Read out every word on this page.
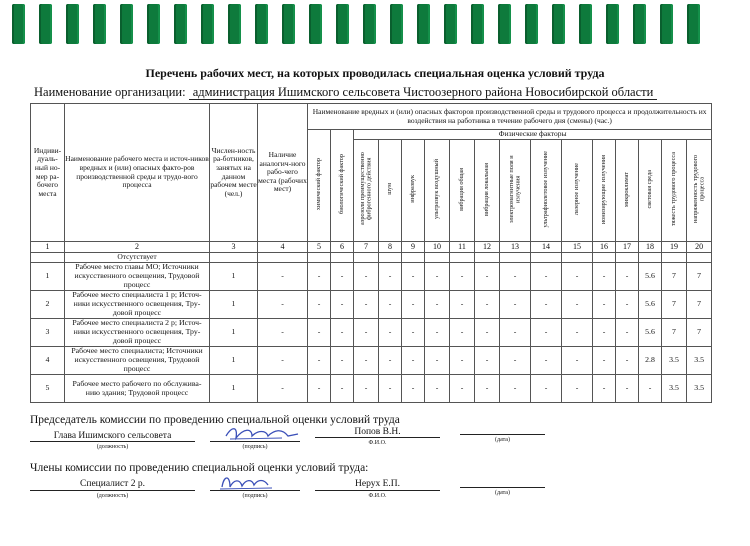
Перечень рабочих мест, на которых проводилась специальная оценка условий труда
Наименование организации: администрация Ишимского сельсовета Чистоозерного района Новосибирской области
Индиви-дуаль-ный но-мер ра-бочего места	Наименование рабочего места и источ-ников вредных и (или) опасных факто-ров производственной среды и трудо-вого процесса	Числен-ность ра-ботников, занятых на данном рабочем месте (чел.)	Наличие аналогич-ного рабо-чего места (рабочих мест)	Наименование вредных и (или) опасных факторов производственной среды и трудового процесса и продолжительность их воздействия на работника в течение рабочего дня (смены) (час.)															
				химический фактор	биологический фактор	Физические факторы													
						аэрозоли преимущественно фиброгенного действия	шум	инфразвук	ультразвук воздушный	вибрация общая	вибрация локальная	электромагнитные поля и излучения	ультрафиолетовое излучение	лазерное излучение	ионизирующие излучения	микроклимат	световая среда	тяжесть трудового процесса	напряженность трудового процесса
1	2	3	4	5	6	7	8	9	10	11	12	13	14	15	16	17	18	19	20
	Отсутствует																		
1	Рабочее место главы МО; Источники искусственного освещения, Трудовой процесс	1	-	-	-	-	-	-	-	-	-	-	-	-	-	-	5.6	7	7
2	Рабочее место специалиста 1 р; Источ-ники искусственного освещения, Тру-довой процесс	1	-	-	-	-	-	-	-	-	-	-	-	-	-	-	5.6	7	7
3	Рабочее место специалиста 2 р; Источ-ники искусственного освещения, Тру-довой процесс	1	-	-	-	-	-	-	-	-	-	-	-	-	-	-	5.6	7	7
4	Рабочее место специалиста; Источники искусственного освещения, Трудовой процесс	1	-	-	-	-	-	-	-	-	-	-	-	-	-	-	2.8	3.5	3.5
5	Рабочее место рабочего по обслужива-нию здания; Трудовой процесс	1	-	-	-	-	-	-	-	-	-	-	-	-	-	-	-	3.5	3.5
Председатель комиссии по проведению специальной оценки условий труда
Глава Ишимского сельсовета
(должность)	(подпись)
Попов В.Н.
Ф.И.О.	(дата)
Члены комиссии по проведению специальной оценки условий труда:
Специалист 2 р.
(должность)	(подпись)
Нерух Е.П.
Ф.И.О.	(дата)
